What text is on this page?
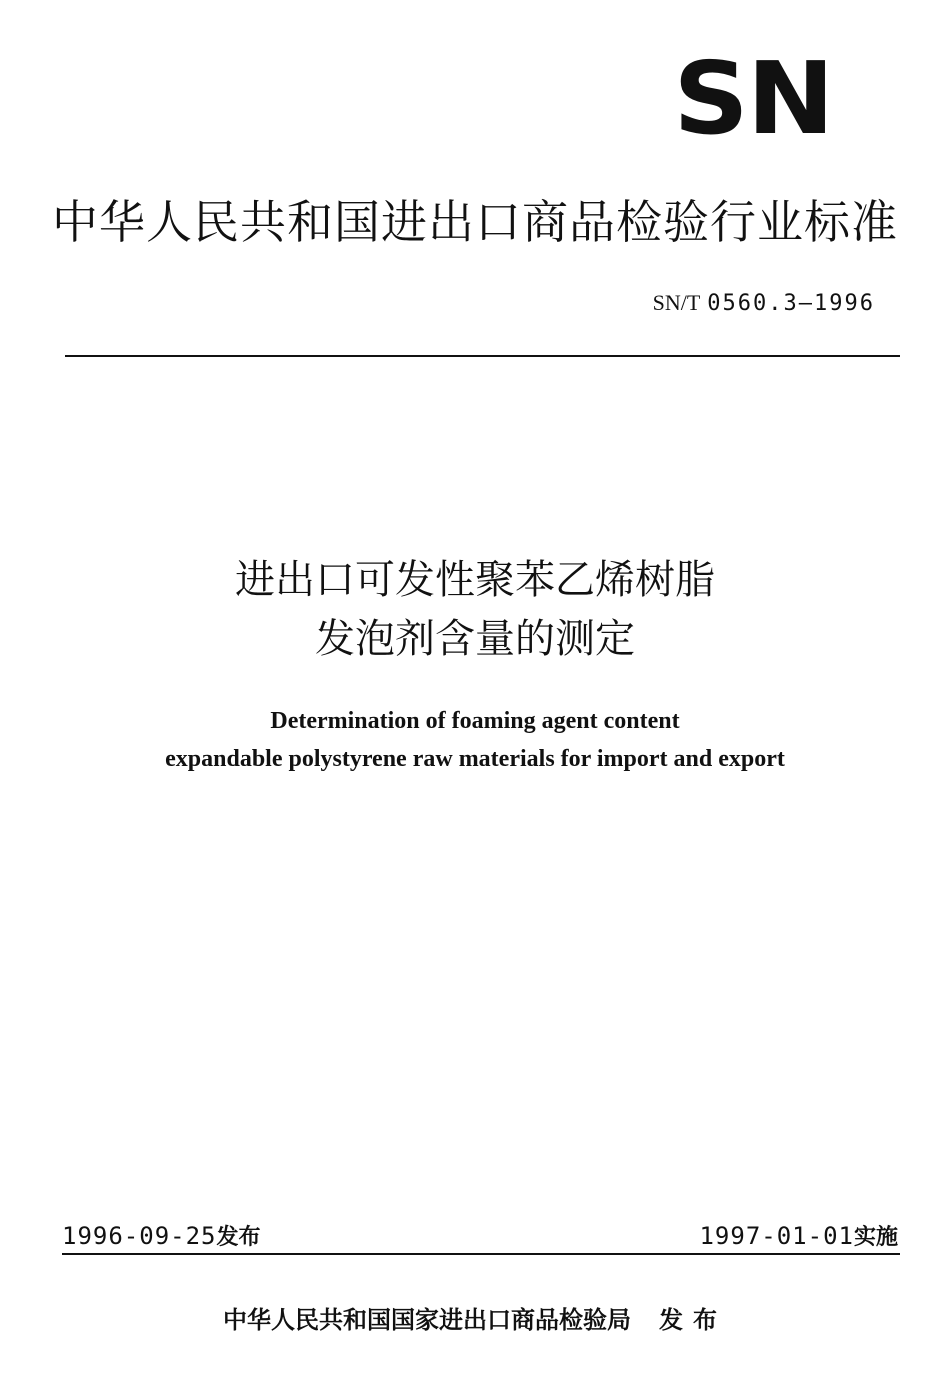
SN
中华人民共和国进出口商品检验行业标准
SN/T 0560.3—1996
进出口可发性聚苯乙烯树脂
发泡剂含量的测定
Determination of foaming agent content
expandable polystyrene raw materials for import and export
1996-09-25发布	1997-01-01实施
中华人民共和国国家进出口商品检验局 发布
